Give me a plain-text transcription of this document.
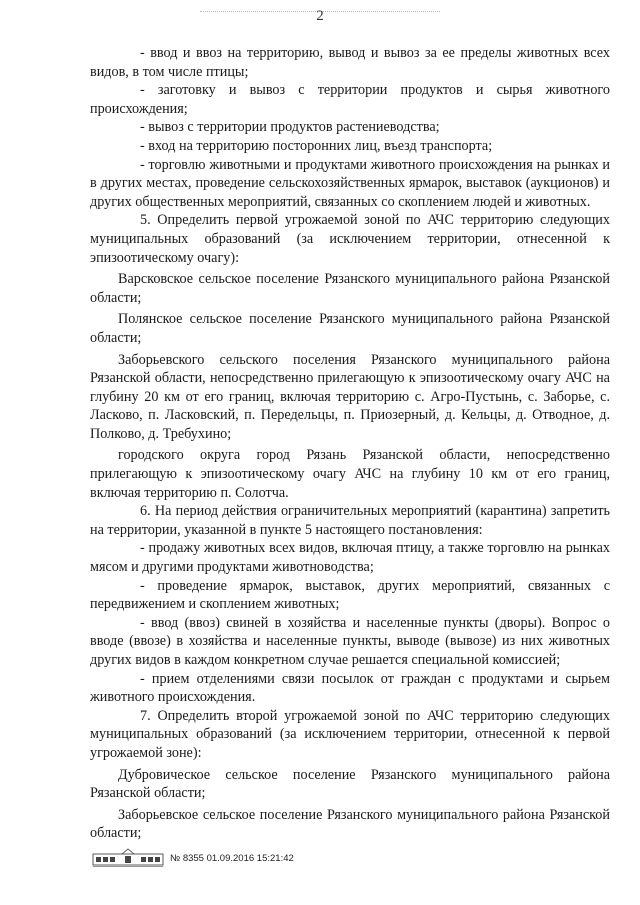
2

- ввод и ввоз на территорию, вывод и вывоз за ее пределы животных всех видов, в том числе птицы;

- заготовку и вывоз с территории продуктов и сырья животного происхождения;

- вывоз с территории продуктов растениеводства;

- вход на территорию посторонних лиц, въезд транспорта;

- торговлю животными и продуктами животного происхождения на рынках и в других местах, проведение сельскохозяйственных ярмарок, выставок (аукционов) и других общественных мероприятий, связанных со скоплением людей и животных.

5. Определить первой угрожаемой зоной по АЧС территорию следующих муниципальных образований (за исключением территории, отнесенной к эпизоотическому очагу):

Варсковское сельское поселение Рязанского муниципального района Рязанской области;

Полянское сельское поселение Рязанского муниципального района Рязанской области;

Заборьевского сельского поселения Рязанского муниципального района Рязанской области, непосредственно прилегающую к эпизоотическому очагу АЧС на глубину 20 км от его границ, включая территорию с. Агро-Пустынь, с. Заборье, с. Ласково, п. Ласковский, п. Передельцы, п. Приозерный, д. Кельцы, д. Отводное, д. Полково, д. Требухино;

городского округа город Рязань Рязанской области, непосредственно прилегающую к эпизоотическому очагу АЧС на глубину 10 км от его границ, включая территорию п. Солотча.

6. На период действия ограничительных мероприятий (карантина) запретить на территории, указанной в пункте 5 настоящего постановления:

- продажу животных всех видов, включая птицу, а также торговлю на рынках мясом и другими продуктами животноводства;

- проведение ярмарок, выставок, других мероприятий, связанных с передвижением и скоплением животных;

- ввод (ввоз) свиней в хозяйства и населенные пункты (дворы). Вопрос о вводе (ввозе) в хозяйства и населенные пункты, выводе (вывозе) из них животных других видов в каждом конкретном случае решается специальной комиссией;

- прием отделениями связи посылок от граждан с продуктами и сырьем животного происхождения.

7. Определить второй угрожаемой зоной по АЧС территорию следующих муниципальных образований (за исключением территории, отнесенной к первой угрожаемой зоне):

Дубровическое сельское поселение Рязанского муниципального района Рязанской области;

Заборьевское сельское поселение Рязанского муниципального района Рязанской области;

№ 8355 01.09.2016 15:21:42
